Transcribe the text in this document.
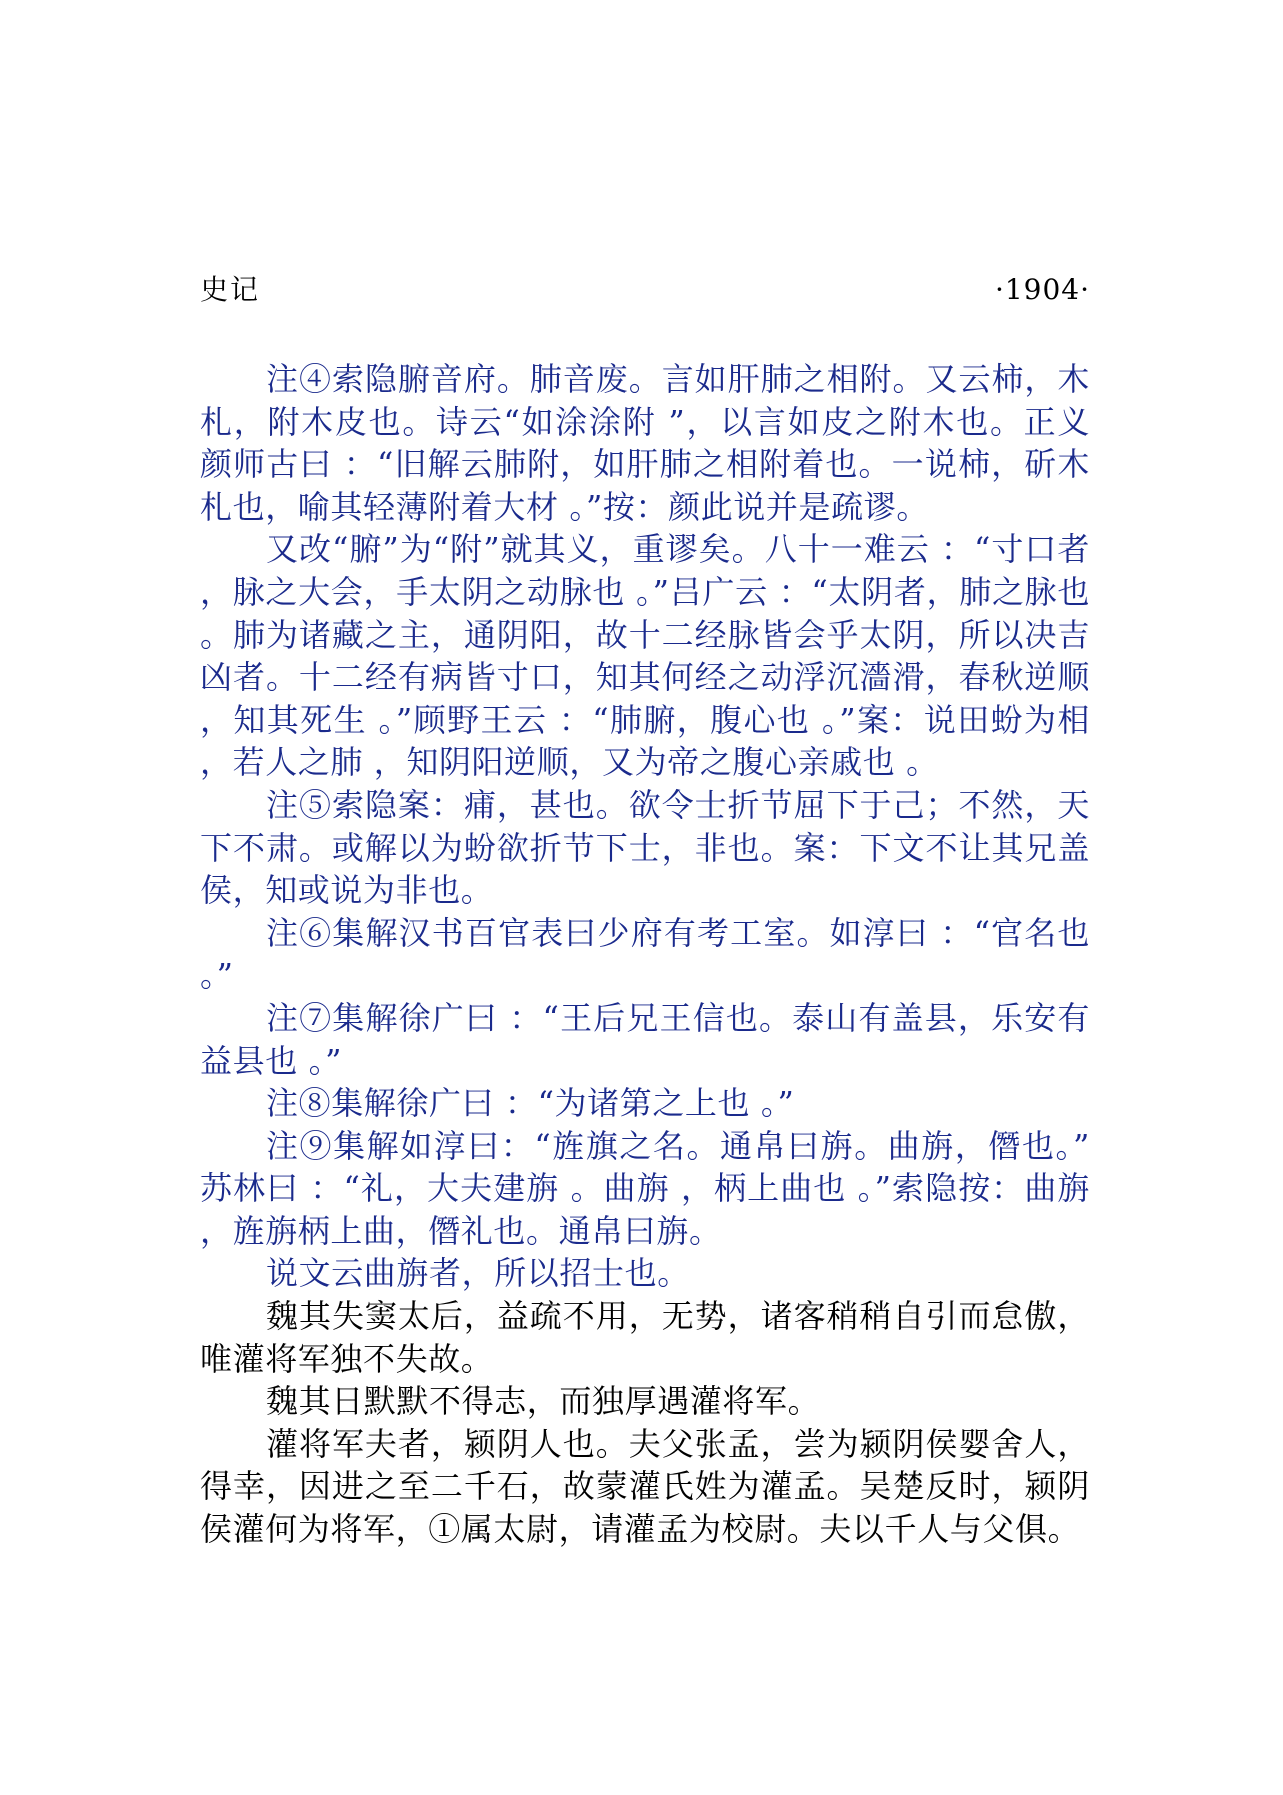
史记	·1904·

注④索隐腑音府。肺音废。言如肝肺之相附。又云柿，木札，附木皮也。诗云“如涂涂附 ”，以言如皮之附木也。正义颜师古曰 ：“旧解云肺附，如肝肺之相附着也。一说柿，斫木札也，喻其轻薄附着大材 。”按：颜此说并是疏谬。

又改“腑”为“附”就其义，重谬矣。八十一难云 ：“寸口者，脉之大会，手太阴之动脉也 。”吕广云 ：“太阴者，肺之脉也。肺为诸藏之主，通阴阳，故十二经脉皆会乎太阴，所以决吉凶者。十二经有病皆寸口，知其何经之动浮沉濇滑，春秋逆顺，知其死生 。”顾野王云 ：“肺腑，腹心也 。”案：说田蚡为相，若人之肺 ，知阴阳逆顺，又为帝之腹心亲戚也 。

注⑤索隐案：痡，甚也。欲令士折节屈下于己；不然，天下不肃。或解以为蚡欲折节下士，非也。案：下文不让其兄盖侯，知或说为非也。

注⑥集解汉书百官表曰少府有考工室。如淳曰 ：“官名也。”

注⑦集解徐广曰 ：“王后兄王信也。泰山有盖县，乐安有益县也 。”

注⑧集解徐广曰 ：“为诸第之上也 。”

注⑨集解如淳曰：“旌旗之名。通帛曰旃。曲旃，僭也。”苏林曰 ：“礼，大夫建旃 。曲旃 ，柄上曲也 。”索隐按：曲旃，旌旃柄上曲，僭礼也。通帛曰旃。

说文云曲旃者，所以招士也。

魏其失窦太后，益疏不用，无势，诸客稍稍自引而怠傲，唯灌将军独不失故。

魏其日默默不得志，而独厚遇灌将军。

灌将军夫者，颍阴人也。夫父张孟，尝为颍阴侯婴舍人，得幸，因进之至二千石，故蒙灌氏姓为灌孟。吴楚反时，颍阴侯灌何为将军，①属太尉，请灌孟为校尉。夫以千人与父俱。
